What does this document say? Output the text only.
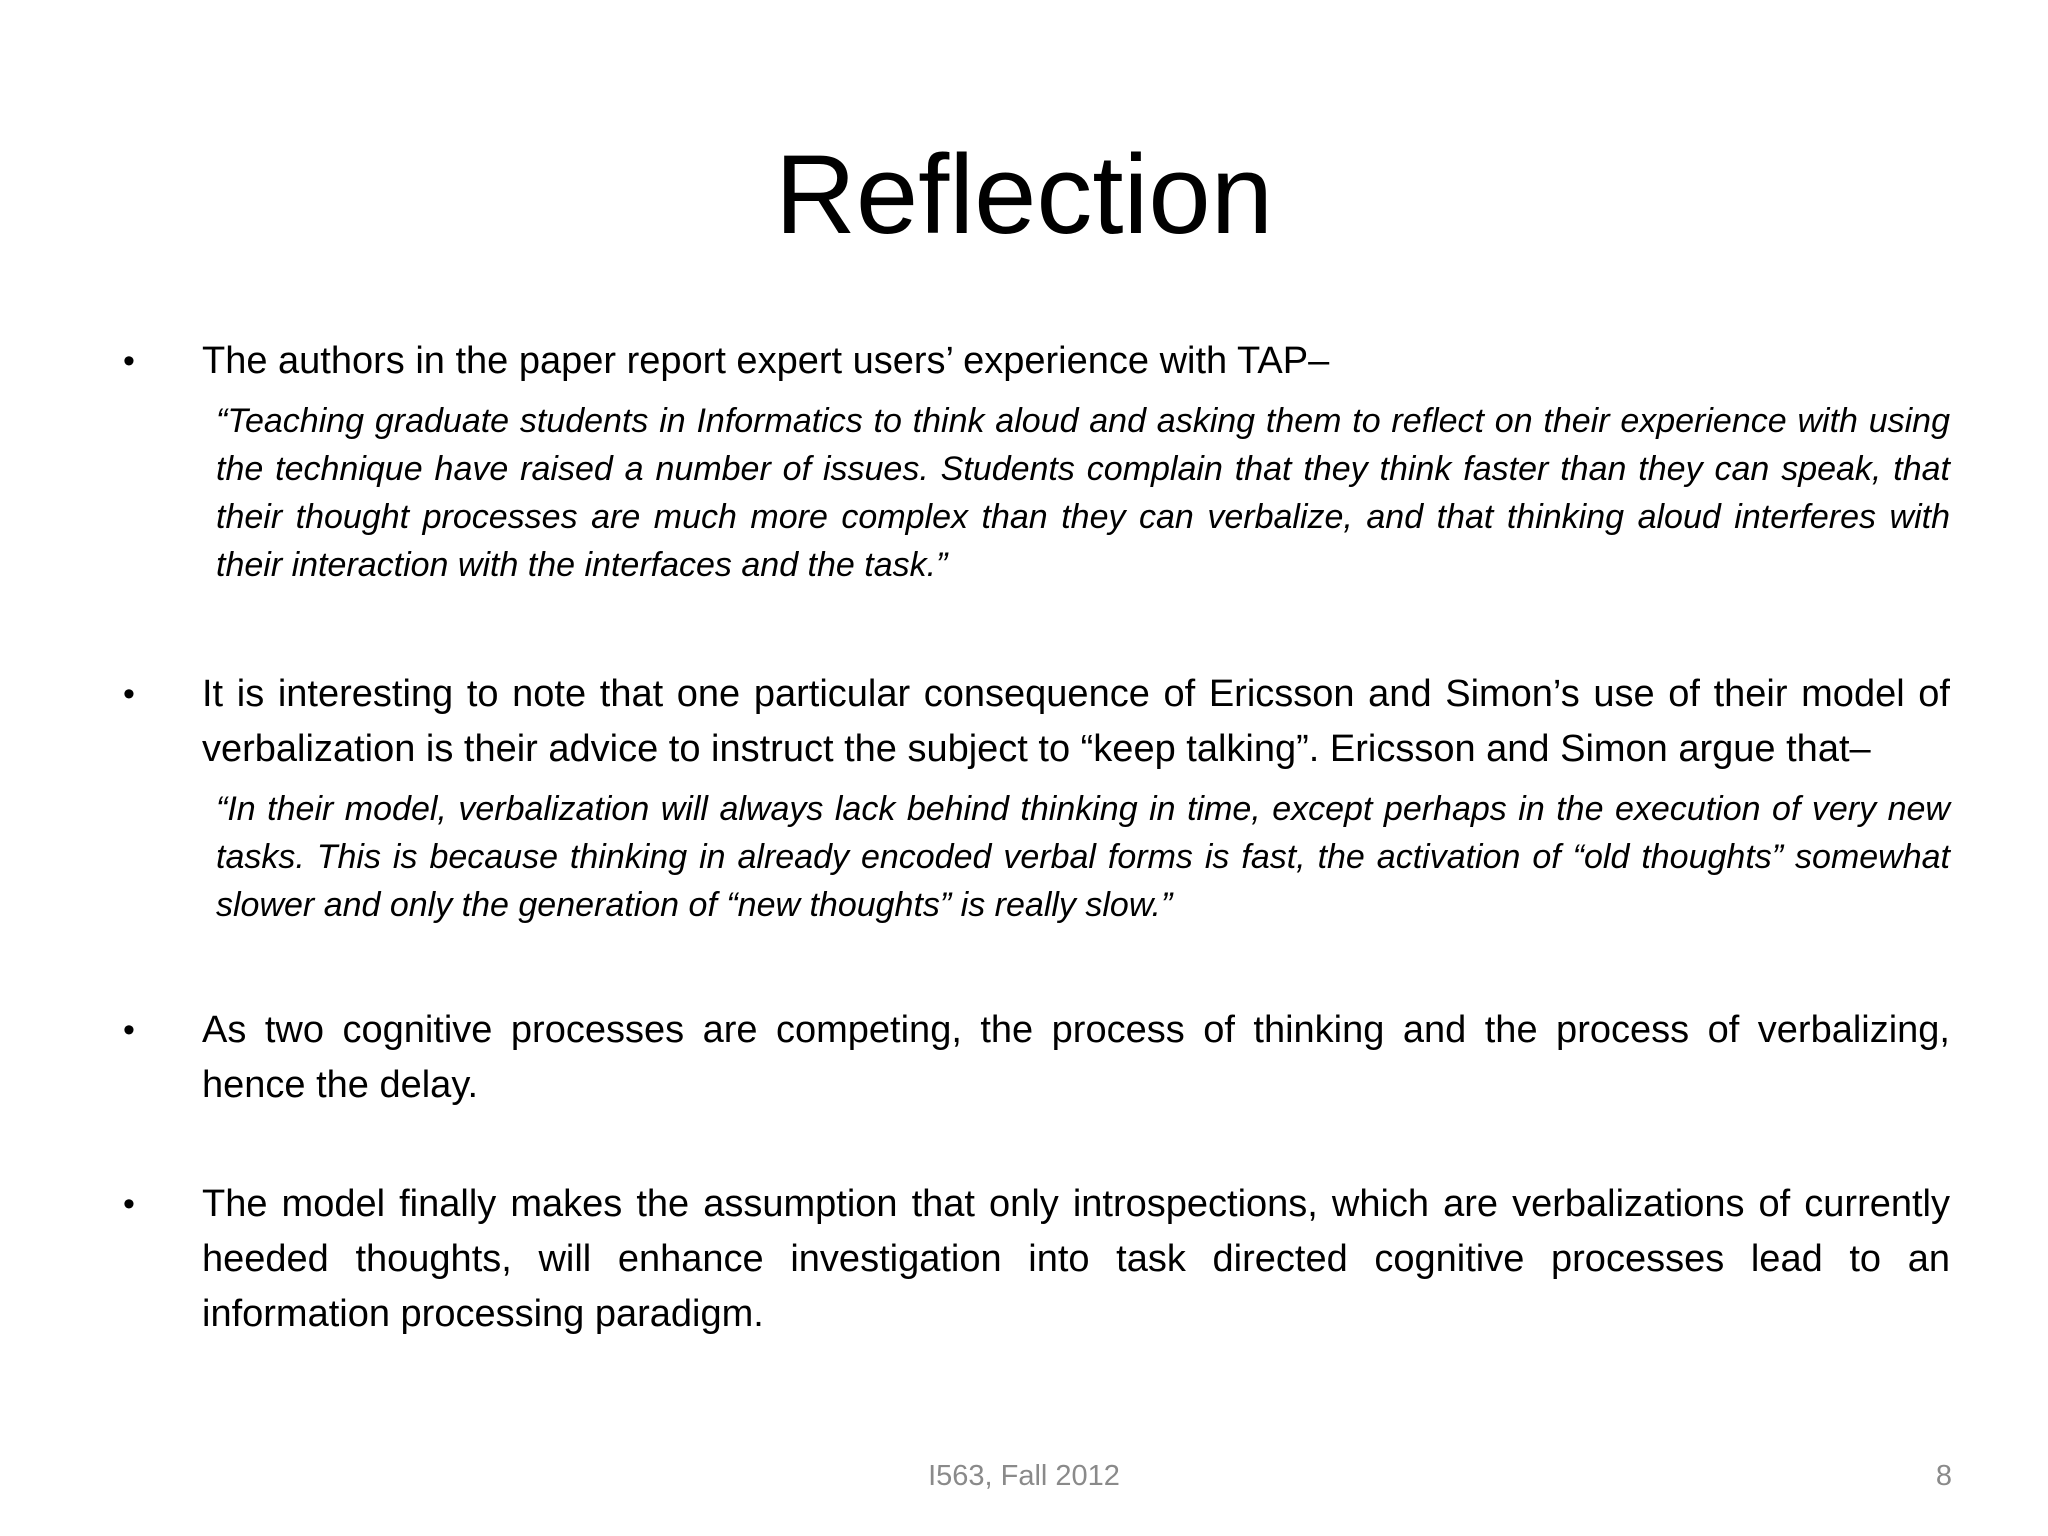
Reflection
• The authors in the paper report expert users’ experience with TAP–
“Teaching graduate students in Informatics to think aloud and asking them to reflect on their experience with using the technique have raised a number of issues. Students complain that they think faster than they can speak, that their thought processes are much more complex than they can verbalize, and that thinking aloud interferes with their interaction with the interfaces and the task.”
• It is interesting to note that one particular consequence of Ericsson and Simon’s use of their model of verbalization is their advice to instruct the subject to “keep talking”. Ericsson and Simon argue that–
“In their model, verbalization will always lack behind thinking in time, except perhaps in the execution of very new tasks. This is because thinking in already encoded verbal forms is fast, the activation of “old thoughts” somewhat slower and only the generation of “new thoughts” is really slow.”
• As two cognitive processes are competing, the process of thinking and the process of verbalizing, hence the delay.
• The model finally makes the assumption that only introspections, which are verbalizations of currently heeded thoughts, will enhance investigation into task directed cognitive processes lead to an information processing paradigm.
I563, Fall 2012	8
